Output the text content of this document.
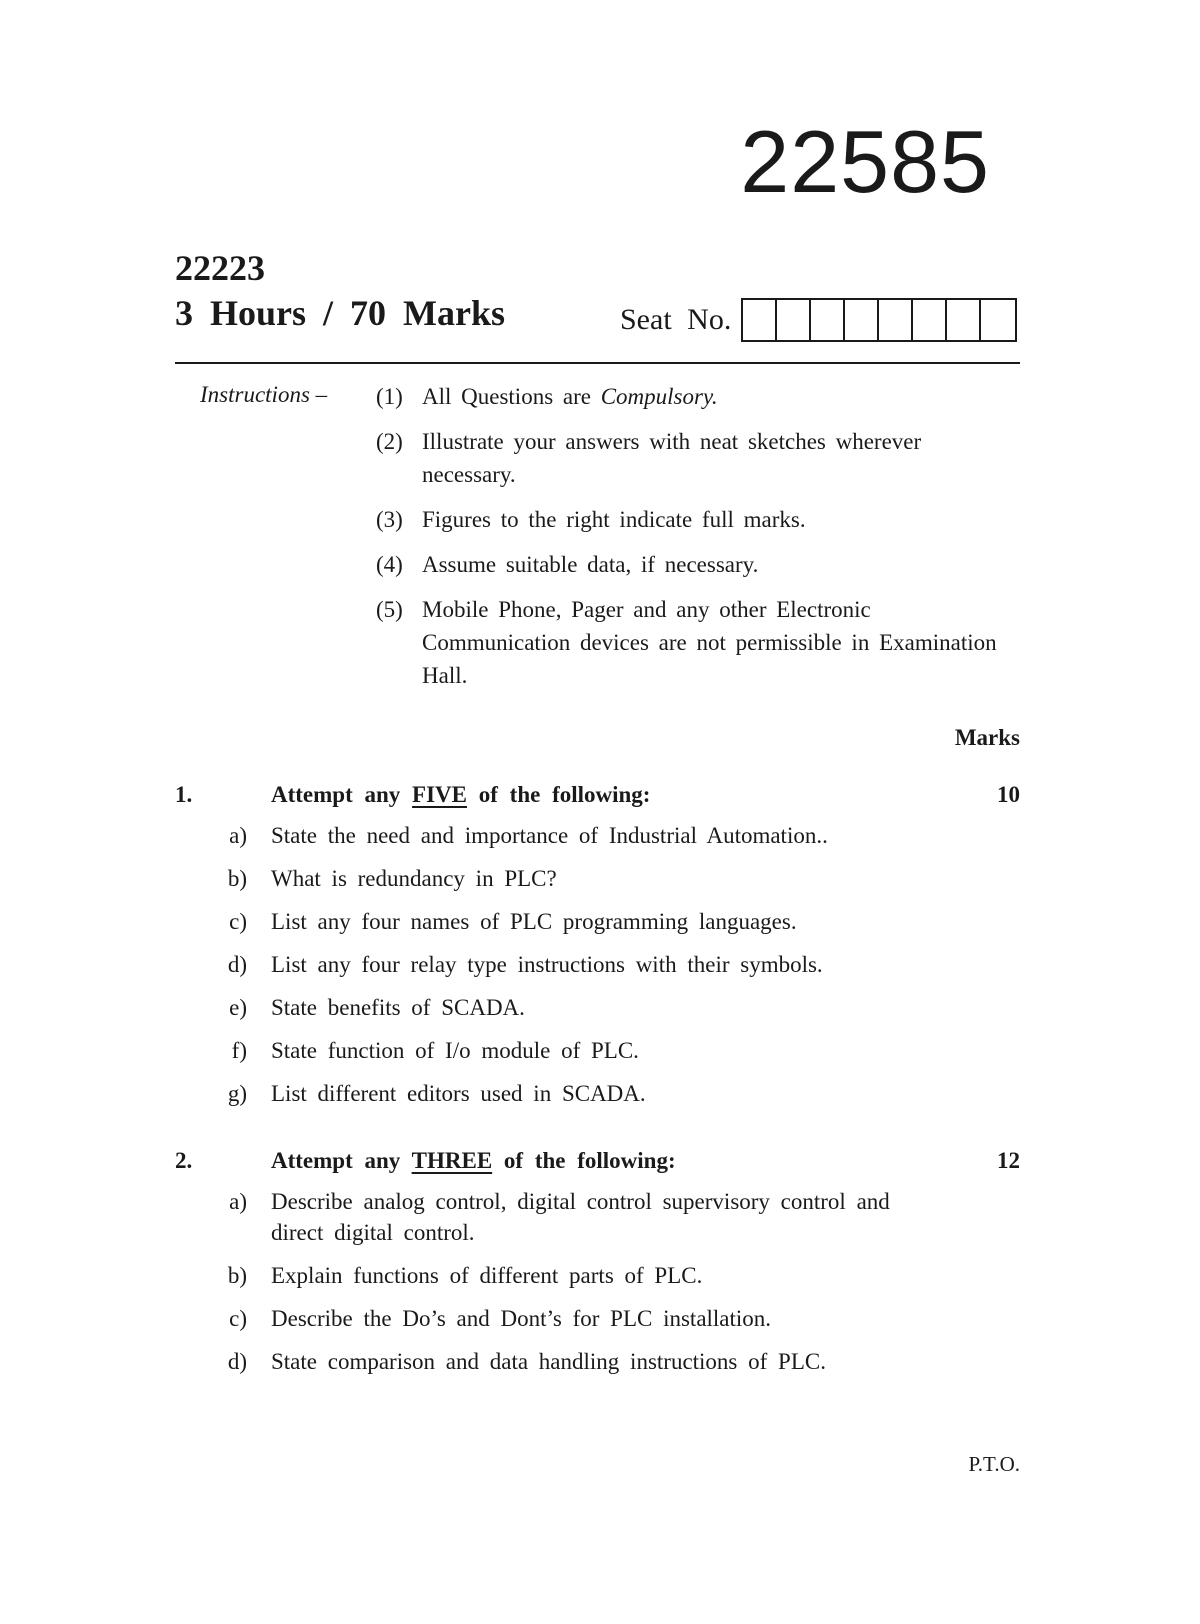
22585
22223
3 Hours / 70 Marks	Seat No.
Instructions – (1) All Questions are Compulsory.
(2) Illustrate your answers with neat sketches wherever necessary.
(3) Figures to the right indicate full marks.
(4) Assume suitable data, if necessary.
(5) Mobile Phone, Pager and any other Electronic Communication devices are not permissible in Examination Hall.
Marks
1.	Attempt any FIVE of the following:	10
a)	State the need and importance of Industrial Automation..
b)	What is redundancy in PLC?
c)	List any four names of PLC programming languages.
d)	List any four relay type instructions with their symbols.
e)	State benefits of SCADA.
f)	State function of I/o module of PLC.
g)	List different editors used in SCADA.
2.	Attempt any THREE of the following:	12
a)	Describe analog control, digital control supervisory control and direct digital control.
b)	Explain functions of different parts of PLC.
c)	Describe the Do’s and Dont’s for PLC installation.
d)	State comparison and data handling instructions of PLC.
P.T.O.
